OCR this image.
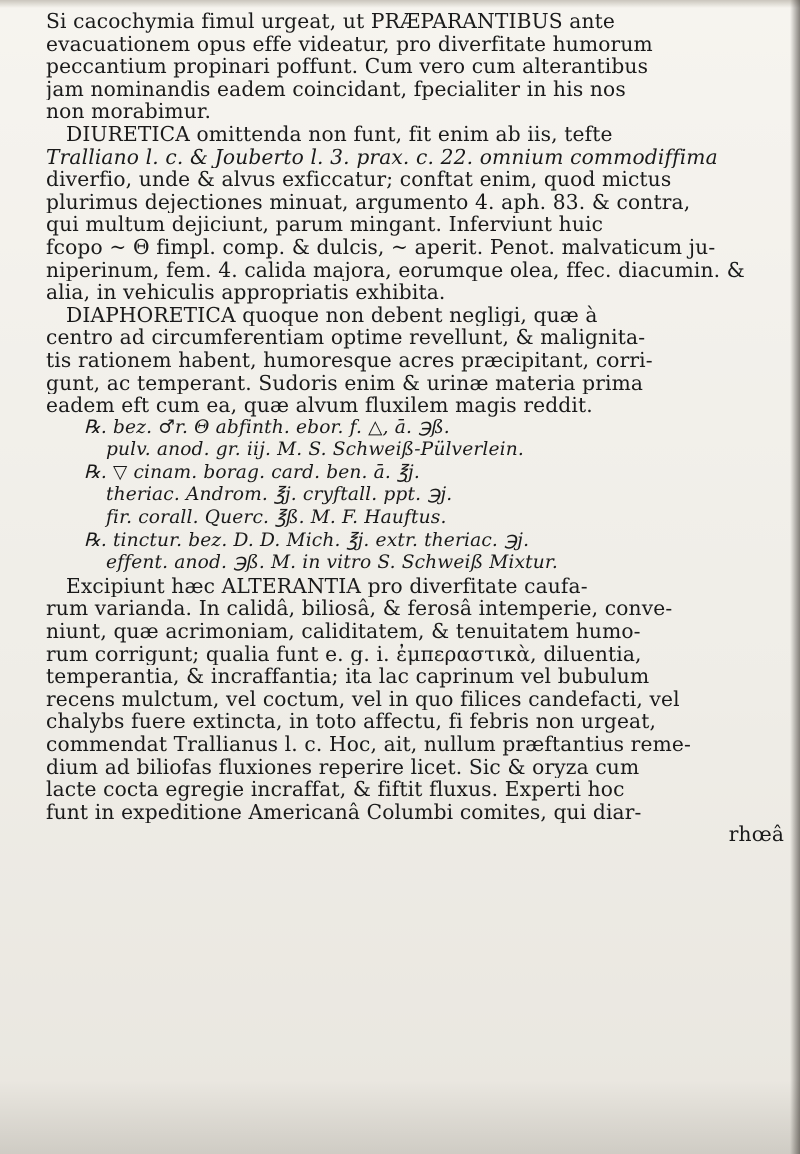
Si cacochymia fimul urgeat, ut PRÆPARANTIBUS ante
evacuationem opus effe videatur, pro diverfitate humorum
peccantium propinari poffunt. Cum vero cum alterantibus
jam nominandis eadem coincidant, fpecialiter in his nos
non morabimur.
DIURETICA omittenda non funt, fit enim ab iis, tefte
Tralliano l. c. & Jouberto l. 3. prax. c. 22. omnium commodiffima
diverfio, unde & alvus exficcatur; conftat enim, quod mictus
plurimus dejectiones minuat, argumento 4. aph. 83. & contra,
qui multum dejiciunt, parum mingant. Inferviunt huic
fcopo ~ Θ fimpl. comp. & dulcis, ~ aperit. Penot. malvaticum ju-
niperinum, fem. 4. calida majora, eorumque olea, ffec. diacumin. &
alia, in vehiculis appropriatis exhibita.
DIAPHORETICA quoque non debent negligi, quæ à
centro ad circumferentiam optime revellunt, & malignita-
tis rationem habent, humoresque acres præcipitant, corri-
gunt, ac temperant. Sudoris enim & urinæ materia prima
eadem eft cum ea, quæ alvum fluxilem magis reddit.
℞. bez. ♂r. Θ abfinth. ebor. f. △, ā. ℈ß.
pulv. anod. gr. iij. M. S. Schweiß-Pülverlein.
℞. ▽ cinam. borag. card. ben. ā. ℥j.
theriac. Androm. ℥j. cryftall. ppt. ℈j.
fir. corall. Querc. ℥ß. M. F. Hauftus.
℞. tinctur. bez. D. D. Mich. ℥j. extr. theriac. ℈j.
effent. anod. ℈ß. M. in vitro S. Schweiß Mixtur.
Excipiunt hæc ALTERANTIA pro diverfitate caufa-
rum varianda. In calidâ, biliosâ, & ferosâ intemperie, conve-
niunt, quæ acrimoniam, caliditatem, & tenuitatem humo-
rum corrigunt; qualia funt e. g. i. ἐμπεραστικὰ, diluentia,
temperantia, & incraffantia; ita lac caprinum vel bubulum
recens mulctum, vel coctum, vel in quo filices candefacti, vel
chalybs fuere extincta, in toto affectu, fi febris non urgeat,
commendat Trallianus l. c. Hoc, ait, nullum præftantius reme-
dium ad biliofas fluxiones reperire licet. Sic & oryza cum
lacte cocta egregie incraffat, & fiftit fluxus. Experti hoc
funt in expeditione Americanâ Columbi comites, qui diar-
rhœâ
